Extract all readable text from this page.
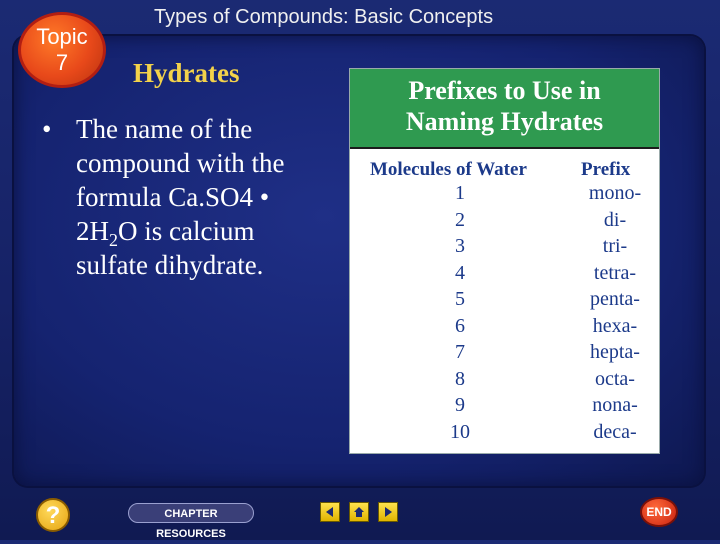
Topic
7
Types of Compounds: Basic Concepts
Hydrates
• The name of the compound with the formula Ca.SO4 • $2H_2O$ is calcium sulfate dihydrate.
Prefixes to Use in
Naming Hydrates
Molecules of Water	Prefix
1	mono-
2	di-
3	tri-
4	tetra-
5	penta-
6	hexa-
7	hepta-
8	octa-
9	nona-
10	deca-
?	CHAPTER RESOURCES
END
